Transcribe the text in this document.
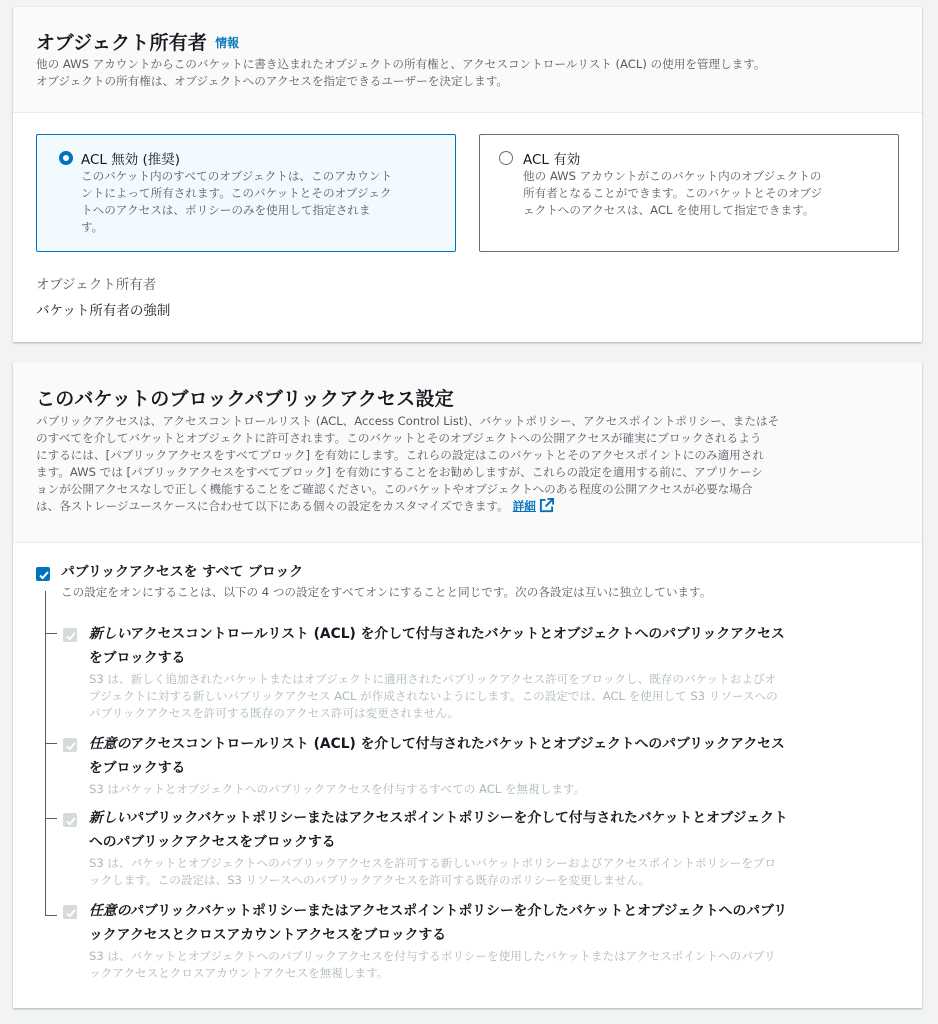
オブジェクト所有者 情報
他の AWS アカウントからこのバケットに書き込まれたオブジェクトの所有権と、アクセスコントロールリスト (ACL) の使用を管理します。
オブジェクトの所有権は、オブジェクトへのアクセスを指定できるユーザーを決定します。
ACL 無効 (推奨)
このバケット内のすべてのオブジェクトは、このアカウント
ントによって所有されます。このバケットとそのオブジェク
トへのアクセスは、ポリシーのみを使用して指定されま
す。
ACL 有効
他の AWS アカウントがこのバケット内のオブジェクトの
所有者となることができます。このバケットとそのオブジ
ェクトへのアクセスは、ACL を使用して指定できます。
オブジェクト所有者
バケット所有者の強制
このバケットのブロックパブリックアクセス設定
パブリックアクセスは、アクセスコントロールリスト (ACL、Access Control List)、バケットポリシー、アクセスポイントポリシー、またはそ
のすべてを介してバケットとオブジェクトに許可されます。このバケットとそのオブジェクトへの公開アクセスが確実にブロックされるよう
にするには、[パブリックアクセスをすべてブロック] を有効にします。これらの設定はこのバケットとそのアクセスポイントにのみ適用され
ます。AWS では [パブリックアクセスをすべてブロック] を有効にすることをお勧めしますが、これらの設定を適用する前に、アプリケーシ
ョンが公開アクセスなしで正しく機能することをご確認ください。このバケットやオブジェクトへのある程度の公開アクセスが必要な場合
は、各ストレージユースケースに合わせて以下にある個々の設定をカスタマイズできます。 詳細
パブリックアクセスを すべて ブロック
この設定をオンにすることは、以下の 4 つの設定をすべてオンにすることと同じです。次の各設定は互いに独立しています。
新しいアクセスコントロールリスト (ACL) を介して付与されたバケットとオブジェクトへのパブリックアクセス
をブロックする
S3 は、新しく追加されたバケットまたはオブジェクトに適用されたパブリックアクセス許可をブロックし、既存のバケットおよびオ
ブジェクトに対する新しいパブリックアクセス ACL が作成されないようにします。この設定では、ACL を使用して S3 リソースへの
パブリックアクセスを許可する既存のアクセス許可は変更されません。
任意のアクセスコントロールリスト (ACL) を介して付与されたバケットとオブジェクトへのパブリックアクセス
をブロックする
S3 はバケットとオブジェクトへのパブリックアクセスを付与するすべての ACL を無視します。
新しいパブリックバケットポリシーまたはアクセスポイントポリシーを介して付与されたバケットとオブジェクト
へのパブリックアクセスをブロックする
S3 は、バケットとオブジェクトへのパブリックアクセスを許可する新しいバケットポリシーおよびアクセスポイントポリシーをブロ
ックします。この設定は、S3 リソースへのパブリックアクセスを許可する既存のポリシーを変更しません。
任意のパブリックバケットポリシーまたはアクセスポイントポリシーを介したバケットとオブジェクトへのパブリ
ックアクセスとクロスアカウントアクセスをブロックする
S3 は、バケットとオブジェクトへのパブリックアクセスを付与するポリシーを使用したバケットまたはアクセスポイントへのパブリ
ックアクセスとクロスアカウントアクセスを無視します。
